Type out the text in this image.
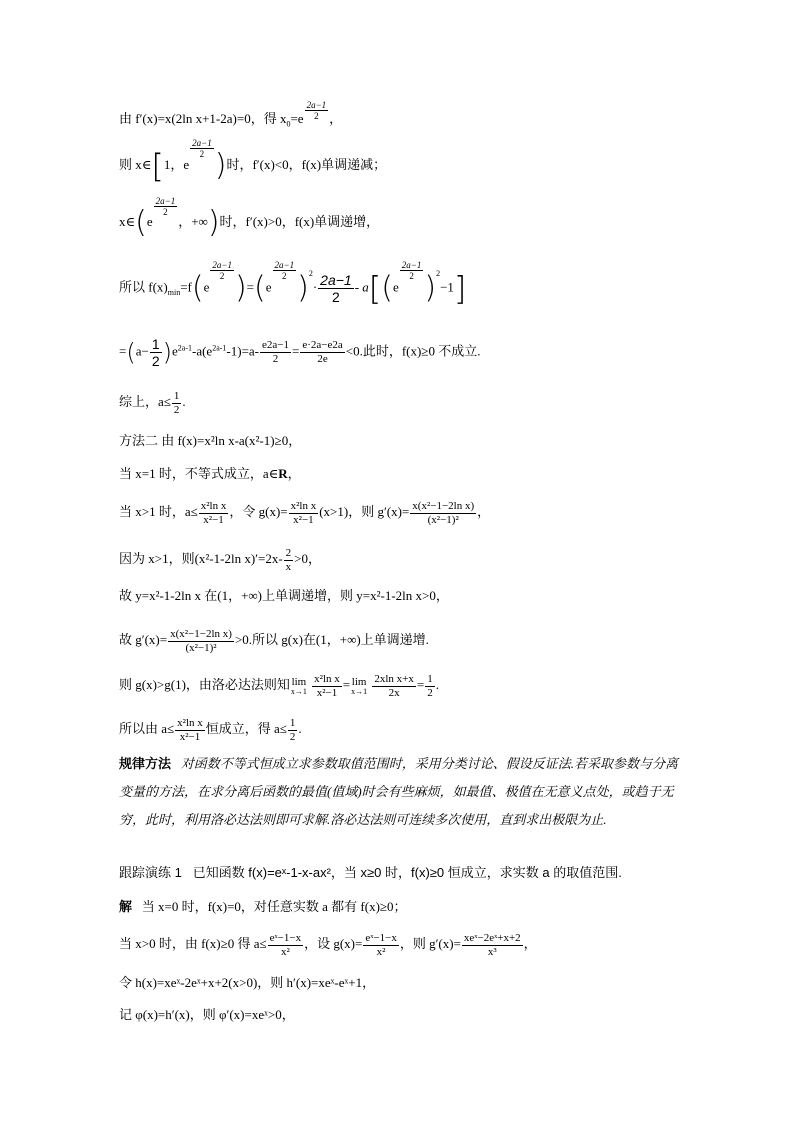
由 f′(x)=x(2ln x+1-2a)=0，得 $x_0=e \frac{2a-1}{2}$ ，
则 x∈[1，e
$\frac{2a-1}{2}$ )时，f′(x)<0，f(x)单调递减；
x∈(e
$\frac{2a-1}{2}$
，+∞)时，f′(x)>0，f(x)单调递增，
所以 $f(x)_{min}=f(e$
$\frac{2a-1}{2} )=(e$
$\frac{2a-1}{2} )^2\cdot \frac{2a-1}{2} - a[(e$
$\frac{2a-1}{2} )^2-1$]
$=(a- \frac{1}{2} )e^{2a-1}-a(e^{2a-1}-1)=a- \frac{e2a-1}{2} = \frac{e\cdot 2a-e2a}{2e} <0$.此时，f(x)≥0 不成立.
综上，$a\le \frac{1}{2}$ .
方法二 由 f(x)=x²ln x-a(x²-1)≥0，
当 x=1 时，不等式成立，a∈R，
当 x>1 时，$a\le \frac{\text{x²ln x}}{\text{x²−1}}$ ，令 $g(x)= \frac{\text{x²ln x}}{\text{x²−1}} (x>1)$，则 $g'(x)= \frac{\text{x(x²−1−2ln x)}}{\text{(x²−1)²}}$ ，
因为 x>1，则(x²-1-2ln $x)'=2x- \frac{2}{x} >0$，
故 y=x²-1-2ln x 在(1，+∞)上单调递增，则 y=x²-1-2ln x>0，
故 $g'(x)= \frac{\text{x(x²−1−2ln x)}}{\text{(x²−1)²}} >0$.所以 g(x)在(1，+∞)上单调递增.
则 g(x)>g(1)，由洛必达法则知 lim
x→1
$\frac{\text{x²ln x}}{\text{x²−1}} = \lim$
x→1
$\frac{\text{2xln x+x}}{2x} = \frac{1}{2}$ .
所以由 $a\le \frac{\text{x²ln x}}{\text{x²−1}}$ 恒成立，得 $a\le \frac{1}{2}$ .
规律方法 对函数不等式恒成立求参数取值范围时，采用分类讨论、假设反证法.若采取参数与分离变量的方法，在求分离后函数的最值(值域)时会有些麻烦，如最值、极值在无意义点处，或趋于无穷，此时，利用洛必达法则即可求解.洛必达法则可连续多次使用，直到求出极限为止.
跟踪演练 1 已知函数 f(x)=eˣ-1-x-ax²，当 x≥0 时，f(x)≥0 恒成立，求实数 a 的取值范围.
解 当 x=0 时，f(x)=0，对任意实数 a 都有 f(x)≥0；
当 x>0 时，由 f(x)≥0 得 $a\le \frac{\text{eˣ−1−x}}{\text{x²}}$ ，设 $g(x)= \frac{\text{eˣ−1−x}}{\text{x²}}$ ，则 $g'(x)= \frac{\text{xeˣ−2eˣ+x+2}}{\text{x³}}$ ，
令 h(x)=xeˣ-2eˣ+x+2(x>0)，则 h′(x)=xeˣ-eˣ+1，
记 φ(x)=h′(x)，则 φ′(x)=xeˣ>0，
